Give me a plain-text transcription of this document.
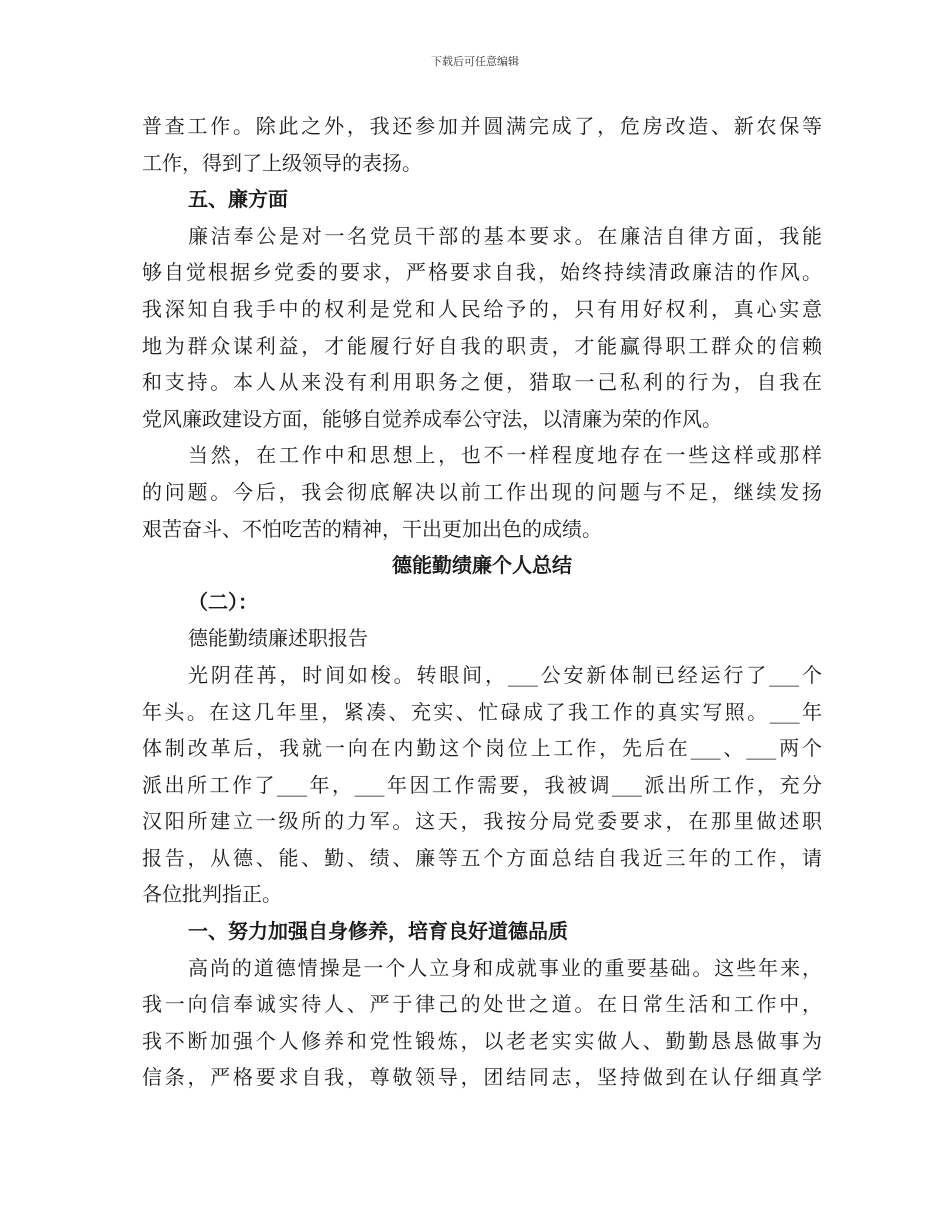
下载后可任意编辑
普查工作。除此之外，我还参加并圆满完成了，危房改造、新农保等
工作，得到了上级领导的表扬。
五、廉方面
廉洁奉公是对一名党员干部的基本要求。在廉洁自律方面，我能
够自觉根据乡党委的要求，严格要求自我，始终持续清政廉洁的作风。
我深知自我手中的权利是党和人民给予的，只有用好权利，真心实意
地为群众谋利益，才能履行好自我的职责，才能赢得职工群众的信赖
和支持。本人从来没有利用职务之便，猎取一己私利的行为，自我在
党风廉政建设方面，能够自觉养成奉公守法，以清廉为荣的作风。
当然，在工作中和思想上，也不一样程度地存在一些这样或那样
的问题。今后，我会彻底解决以前工作出现的问题与不足，继续发扬
艰苦奋斗、不怕吃苦的精神，干出更加出色的成绩。
德能勤绩廉个人总结
（二）：
德能勤绩廉述职报告
光阴荏苒，时间如梭。转眼间，___公安新体制已经运行了___个
年头。在这几年里，紧凑、充实、忙碌成了我工作的真实写照。___年
体制改革后，我就一向在内勤这个岗位上工作，先后在___、___两个
派出所工作了___年，___年因工作需要，我被调___派出所工作，充分
汉阳所建立一级所的力军。这天，我按分局党委要求，在那里做述职
报告，从德、能、勤、绩、廉等五个方面总结自我近三年的工作，请
各位批判指正。
一、努力加强自身修养，培育良好道德品质
高尚的道德情操是一个人立身和成就事业的重要基础。这些年来，
我一向信奉诚实待人、严于律己的处世之道。在日常生活和工作中，
我不断加强个人修养和党性锻炼，以老老实实做人、勤勤恳恳做事为
信条，严格要求自我，尊敬领导，团结同志，坚持做到在认仔细真学
